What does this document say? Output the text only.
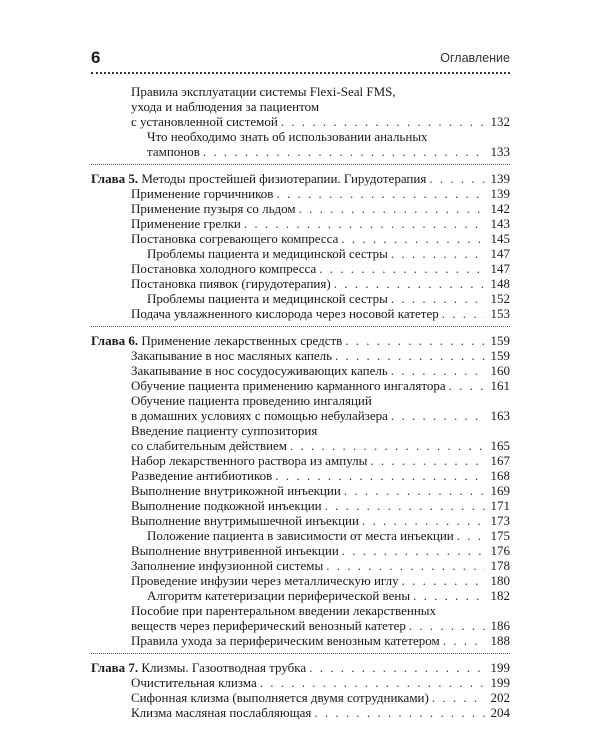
6	Оглавление
Правила эксплуатации системы Flexi-Seal FMS,
ухода и наблюдения за пациентом
с установленной системой . . .	132
Что необходимо знать об использовании анальных
тампонов . . .	133
Глава 5. Методы простейшей физиотерапии. Гирудотерапия . . .	139
Применение горчичников . . .	139
Применение пузыря со льдом . . .	142
Применение грелки . . .	143
Постановка согревающего компресса . . .	145
Проблемы пациента и медицинской сестры . . .	147
Постановка холодного компресса . . .	147
Постановка пиявок (гирудотерапия) . . .	148
Проблемы пациента и медицинской сестры . . .	152
Подача увлажненного кислорода через носовой катетер . . .	153
Глава 6. Применение лекарственных средств . . .	159
Закапывание в нос масляных капель . . .	159
Закапывание в нос сосудосуживающих капель . . .	160
Обучение пациента применению карманного ингалятора . . .	161
Обучение пациента проведению ингаляций
в домашних условиях с помощью небулайзера . . .	163
Введение пациенту суппозитория
со слабительным действием . . .	165
Набор лекарственного раствора из ампулы . . .	167
Разведение антибиотиков . . .	168
Выполнение внутрикожной инъекции . . .	169
Выполнение подкожной инъекции . . .	171
Выполнение внутримышечной инъекции . . .	173
Положение пациента в зависимости от места инъекции . . .	175
Выполнение внутривенной инъекции . . .	176
Заполнение инфузионной системы . . .	178
Проведение инфузии через металлическую иглу . . .	180
Алгоритм катетеризации периферической вены . . .	182
Пособие при парентеральном введении лекарственных
веществ через периферический венозный катетер . . .	186
Правила ухода за периферическим венозным катетером . . .	188
Глава 7. Клизмы. Газоотводная трубка . . .	199
Очистительная клизма . . .	199
Сифонная клизма (выполняется двумя сотрудниками) . . .	202
Клизма масляная послабляющая . . .	204
